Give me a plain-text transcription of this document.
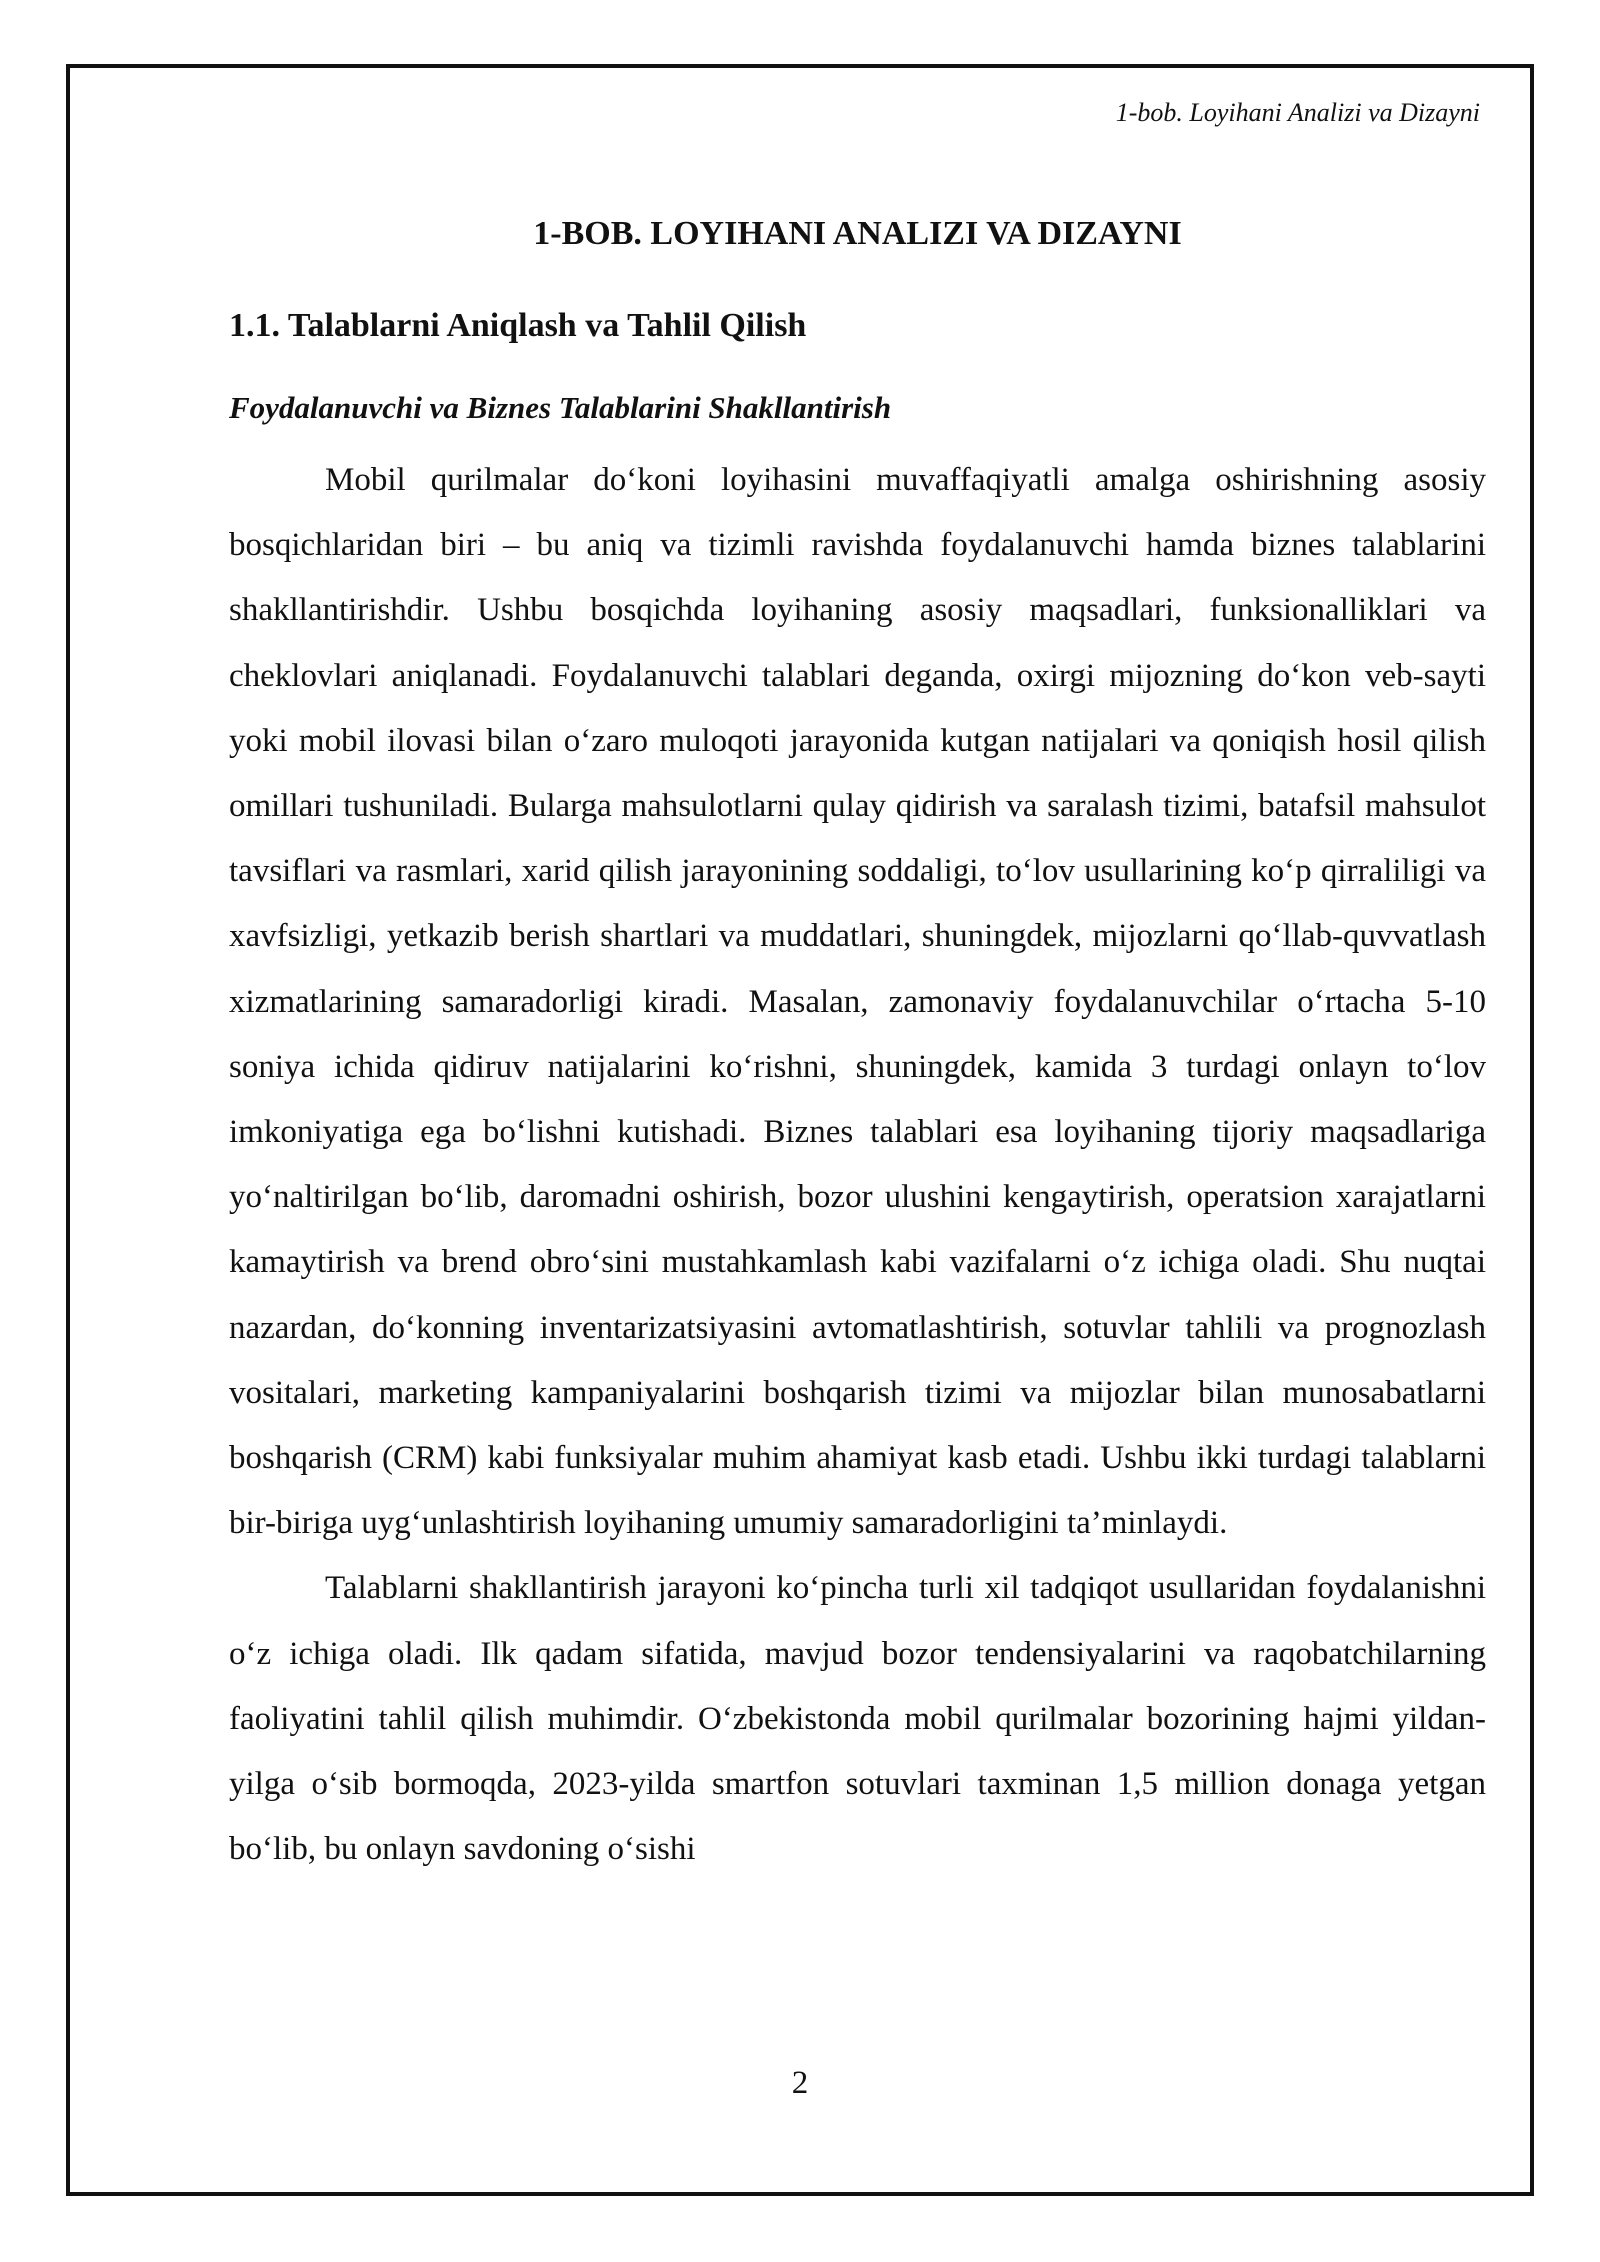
1-bob. Loyihani Analizi va Dizayni
1-BOB. LOYIHANI ANALIZI VA DIZAYNI
1.1. Talablarni Aniqlash va Tahlil Qilish
Foydalanuvchi va Biznes Talablarini Shakllantirish

Mobil qurilmalar do‘koni loyihasini muvaffaqiyatli amalga oshirishning asosiy bosqichlaridan biri – bu aniq va tizimli ravishda foydalanuvchi hamda biznes talablarini shakllantirishdir. Ushbu bosqichda loyihaning asosiy maqsadlari, funksionalliklari va cheklovlari aniqlanadi. Foydalanuvchi talablari deganda, oxirgi mijozning do‘kon veb-sayti yoki mobil ilovasi bilan o‘zaro muloqoti jarayonida kutgan natijalari va qoniqish hosil qilish omillari tushuniladi. Bularga mahsulotlarni qulay qidirish va saralash tizimi, batafsil mahsulot tavsiflari va rasmlari, xarid qilish jarayonining soddaligi, to‘lov usullarining ko‘p qirraliligi va xavfsizligi, yetkazib berish shartlari va muddatlari, shuningdek, mijozlarni qo‘llab-quvvatlash xizmatlarining samaradorligi kiradi. Masalan, zamonaviy foydalanuvchilar o‘rtacha 5-10 soniya ichida qidiruv natijalarini ko‘rishni, shuningdek, kamida 3 turdagi onlayn to‘lov imkoniyatiga ega bo‘lishni kutishadi. Biznes talablari esa loyihaning tijoriy maqsadlariga yo‘naltirilgan bo‘lib, daromadni oshirish, bozor ulushini kengaytirish, operatsion xarajatlarni kamaytirish va brend obro‘sini mustahkamlash kabi vazifalarni o‘z ichiga oladi. Shu nuqtai nazardan, do‘konning inventarizatsiyasini avtomatlashtirish, sotuvlar tahlili va prognozlash vositalari, marketing kampaniyalarini boshqarish tizimi va mijozlar bilan munosabatlarni boshqarish (CRM) kabi funksiyalar muhim ahamiyat kasb etadi. Ushbu ikki turdagi talablarni bir-biriga uyg‘unlashtirish loyihaning umumiy samaradorligini ta’minlaydi.

Talablarni shakllantirish jarayoni ko‘pincha turli xil tadqiqot usullaridan foydalanishni o‘z ichiga oladi. Ilk qadam sifatida, mavjud bozor tendensiyalarini va raqobatchilarning faoliyatini tahlil qilish muhimdir. O‘zbekistonda mobil qurilmalar bozorining hajmi yildan-yilga o‘sib bormoqda, 2023-yilda smartfon sotuvlari taxminan 1,5 million donaga yetgan bo‘lib, bu onlayn savdoning o‘sishi

2
